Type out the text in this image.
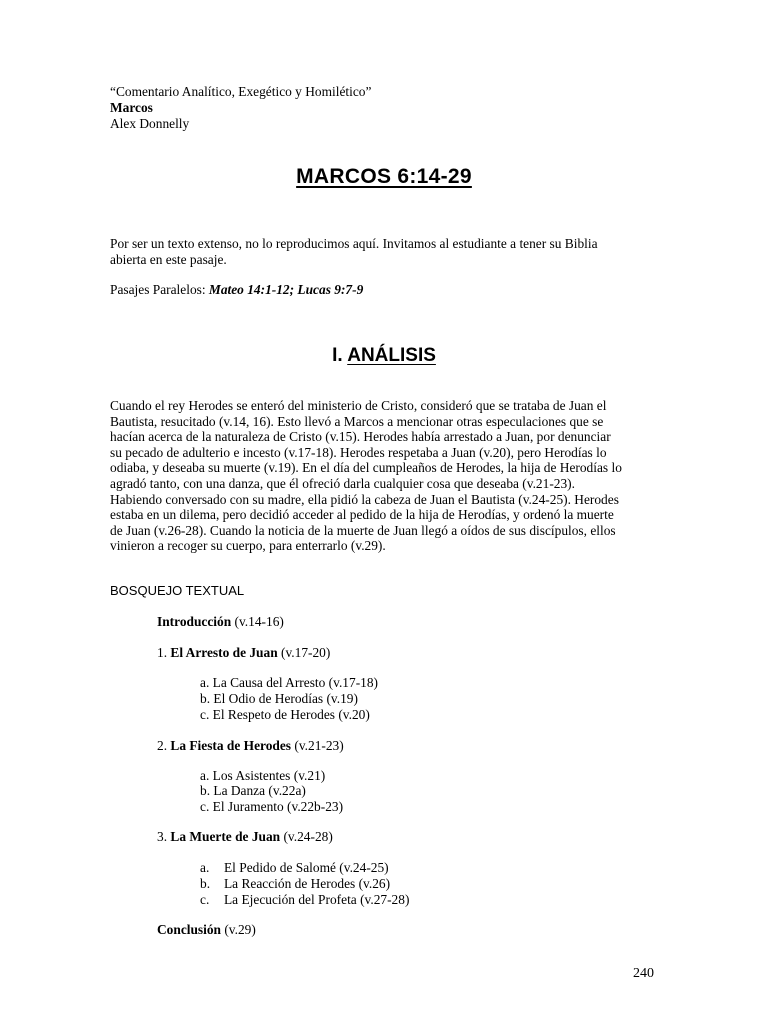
“Comentario Analítico, Exegético y Homilético”
Marcos
Alex Donnelly
MARCOS 6:14-29
Por ser un texto extenso, no lo reproducimos aquí. Invitamos al estudiante a tener su Biblia
abierta en este pasaje.
Pasajes Paralelos: Mateo 14:1-12; Lucas 9:7-9
I. ANÁLISIS
Cuando el rey Herodes se enteró del ministerio de Cristo, consideró que se trataba de Juan el
Bautista, resucitado (v.14, 16). Esto llevó a Marcos a mencionar otras especulaciones que se
hacían acerca de la naturaleza de Cristo (v.15). Herodes había arrestado a Juan, por denunciar
su pecado de adulterio e incesto (v.17-18). Herodes respetaba a Juan (v.20), pero Herodías lo
odiaba, y deseaba su muerte (v.19). En el día del cumpleaños de Herodes, la hija de Herodías lo
agradó tanto, con una danza, que él ofreció darla cualquier cosa que deseaba (v.21-23).
Habiendo conversado con su madre, ella pidió la cabeza de Juan el Bautista (v.24-25). Herodes
estaba en un dilema, pero decidió acceder al pedido de la hija de Herodías, y ordenó la muerte
de Juan (v.26-28). Cuando la noticia de la muerte de Juan llegó a oídos de sus discípulos, ellos
vinieron a recoger su cuerpo, para enterrarlo (v.29).
BOSQUEJO TEXTUAL
Introducción (v.14-16)
1. El Arresto de Juan (v.17-20)
a. La Causa del Arresto (v.17-18)
b. El Odio de Herodías (v.19)
c. El Respeto de Herodes (v.20)
2. La Fiesta de Herodes (v.21-23)
a. Los Asistentes (v.21)
b. La Danza (v.22a)
c. El Juramento (v.22b-23)
3. La Muerte de Juan (v.24-28)
a. El Pedido de Salomé (v.24-25)
b. La Reacción de Herodes (v.26)
c. La Ejecución del Profeta (v.27-28)
Conclusión (v.29)
240
